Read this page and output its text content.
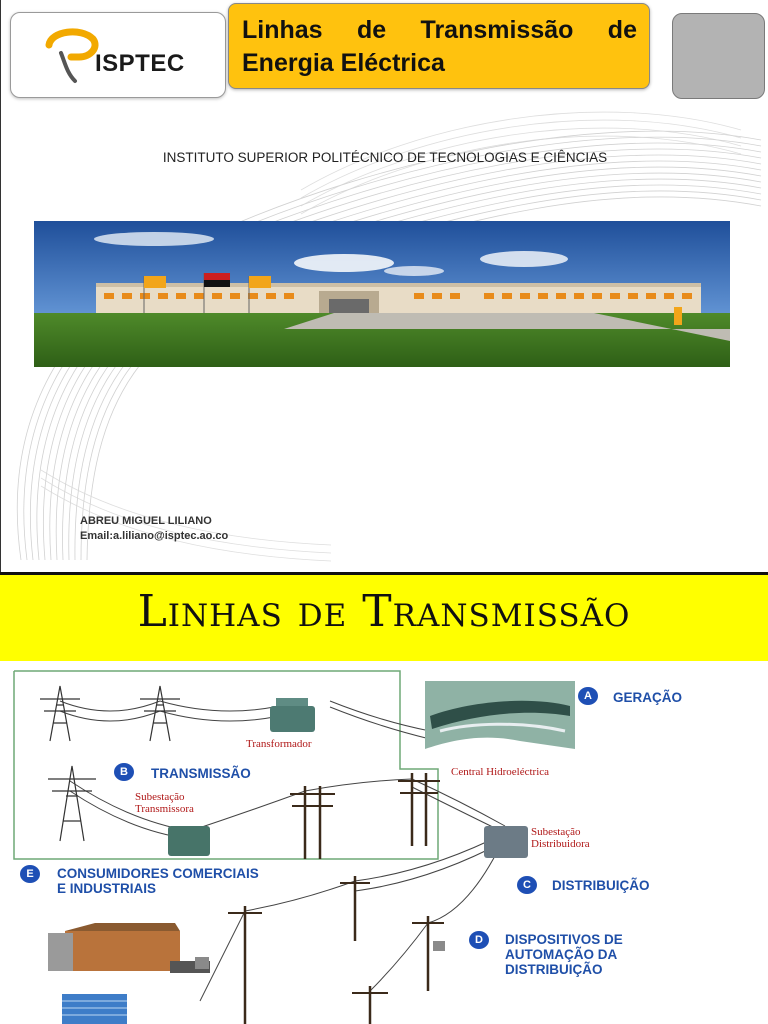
ISPTEC
Linhas de Transmissão de
Energia Eléctrica
INSTITUTO SUPERIOR POLITÉCNICO DE TECNOLOGIAS E CIÊNCIAS
ABREU MIGUEL LILIANO
Email:a.liliano@isptec.ao.co
Linhas de Transmissão
A	GERAÇÃO
B	TRANSMISSÃO
C	DISTRIBUIÇÃO
D	DISPOSITIVOS DE
AUTOMAÇÃO DA
DISTRIBUIÇÃO
E	CONSUMIDORES COMERCIAIS
E INDUSTRIAIS
Transformador
Central Hidroeléctrica
Subestação
Transmissora
Subestação
Distribuidora
